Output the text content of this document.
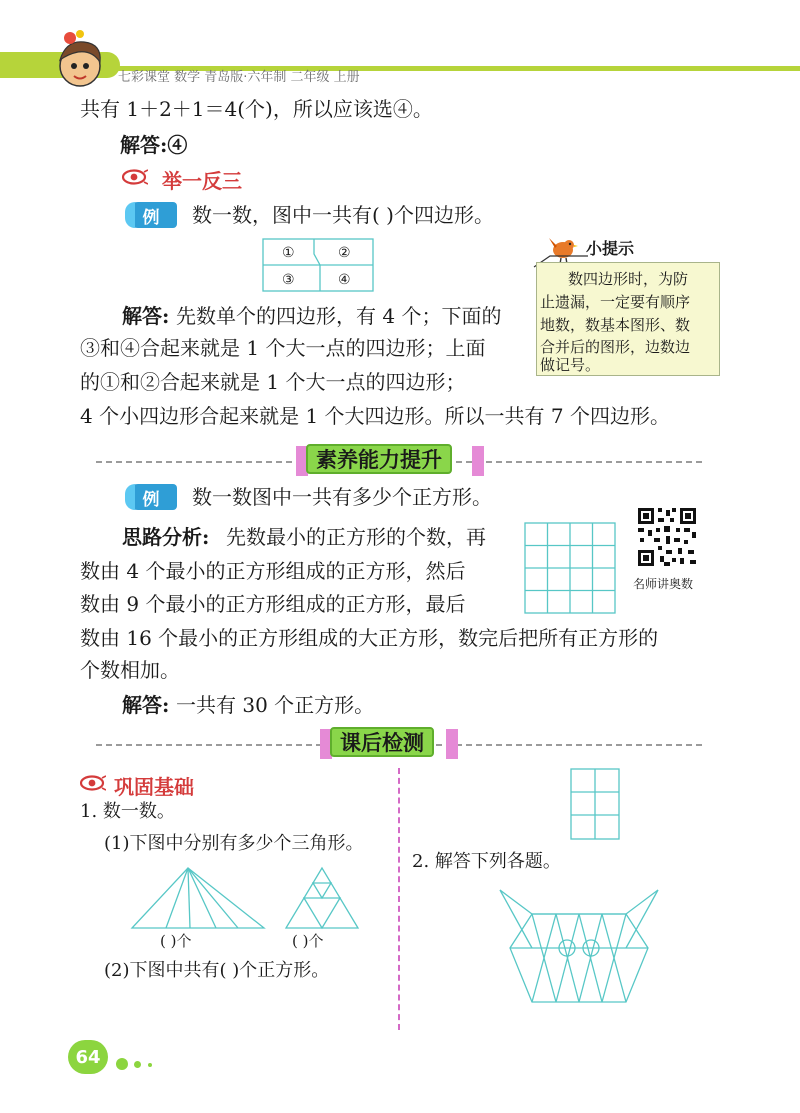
七彩课堂 数学 青岛版·六年制 二年级 上册
共有 1＋2＋1＝4(个)，所以应该选④。
解答:④
举一反三
例	数一数，图中一共有( )个四边形。
①	②
③	④
小提示
数四边形时，为防
止遗漏，一定要有顺序
地数，数基本图形、数
合并后的图形，边数边
做记号。
解答: 先数单个的四边形，有 4 个；下面的
③和④合起来就是 1 个大一点的四边形；上面
的①和②合起来就是 1 个大一点的四边形；
4 个小四边形合起来就是 1 个大四边形。所以一共有 7 个四边形。
素养能力提升
例	数一数图中一共有多少个正方形。
思路分析: 先数最小的正方形的个数，再
数由 4 个最小的正方形组成的正方形，然后
数由 9 个最小的正方形组成的正方形，最后
数由 16 个最小的正方形组成的大正方形，数完后把所有正方形的
个数相加。
解答: 一共有 30 个正方形。
名师讲奥数
课后检测
巩固基础
1. 数一数。
(1)下图中分别有多少个三角形。
( )个	( )个
(2)下图中共有( )个正方形。
2. 解答下列各题。
64
